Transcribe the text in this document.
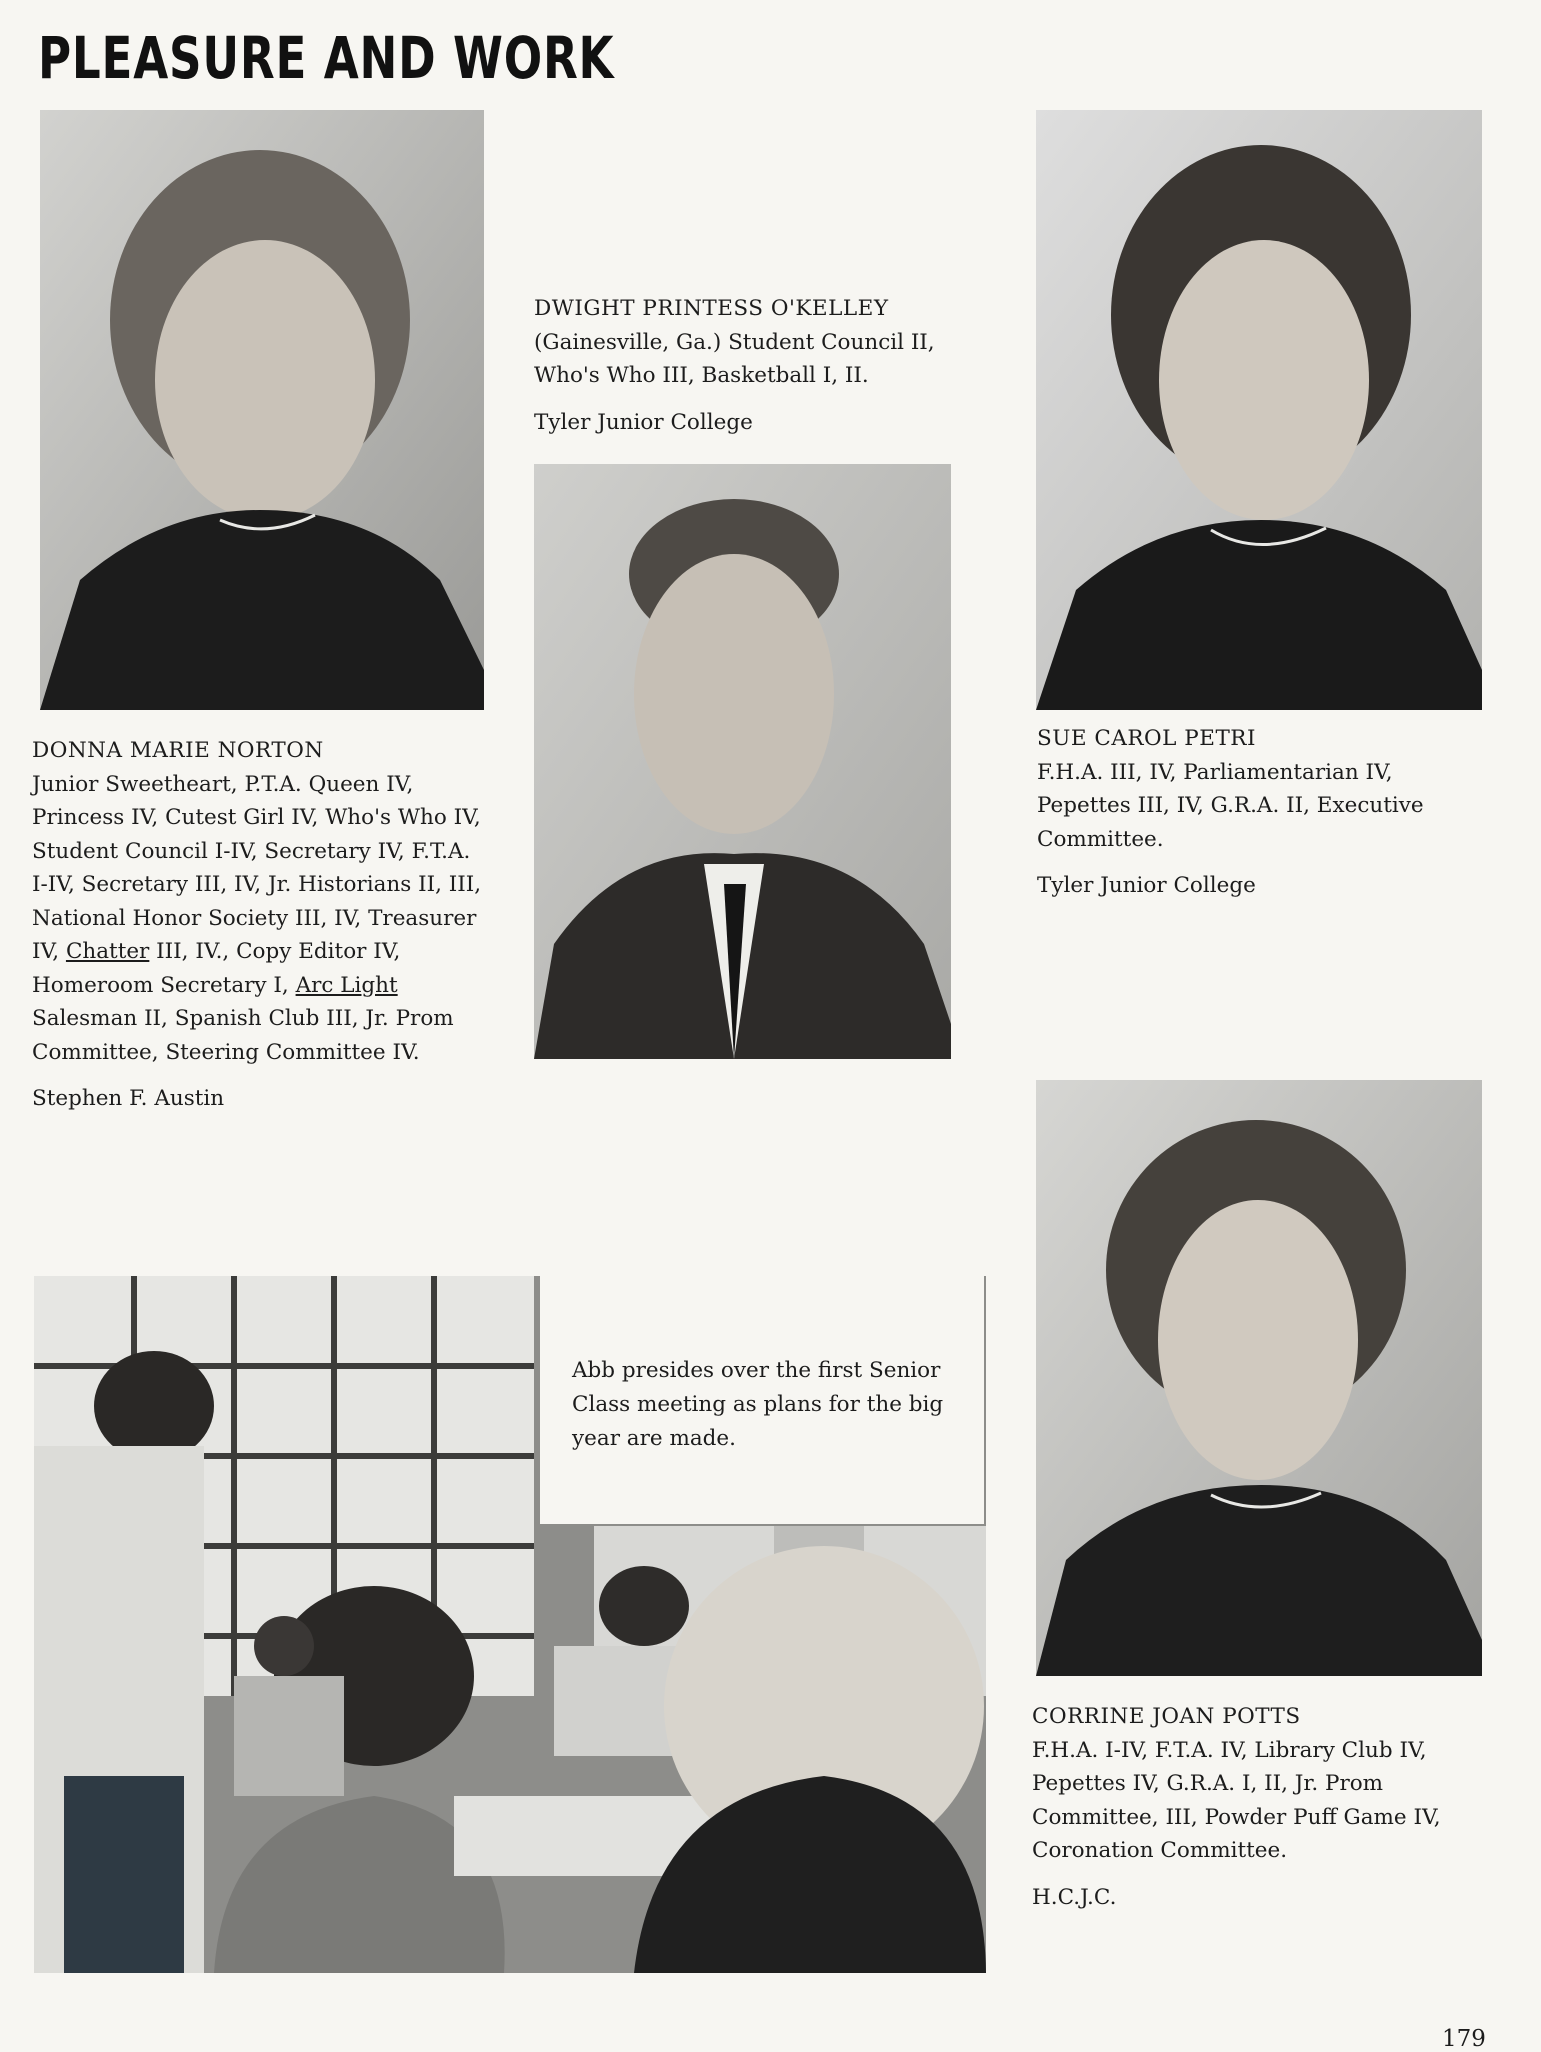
PLEASURE AND WORK

DONNA MARIE NORTON

Junior Sweetheart, P.T.A. Queen IV, Princess IV, Cutest Girl IV, Who's Who IV, Student Council I-IV, Secretary IV, F.T.A. I-IV, Secretary III, IV, Jr. Historians II, III, National Honor Society III, IV, Treasurer IV, Chatter III, IV., Copy Editor IV, Homeroom Secretary I, Arc Light Salesman II, Spanish Club III, Jr. Prom Committee, Steering Committee IV.

Stephen F. Austin

DWIGHT PRINTESS O'KELLEY

(Gainesville, Ga.) Student Council II, Who's Who III, Basketball I, II.

Tyler Junior College

SUE CAROL PETRI

F.H.A. III, IV, Parliamentarian IV, Pepettes III, IV, G.R.A. II, Executive Committee.

Tyler Junior College

CORRINE JOAN POTTS

F.H.A. I-IV, F.T.A. IV, Library Club IV, Pepettes IV, G.R.A. I, II, Jr. Prom Committee, III, Powder Puff Game IV, Coronation Committee.

H.C.J.C.

Abb presides over the first Senior Class meeting as plans for the big year are made.
179
